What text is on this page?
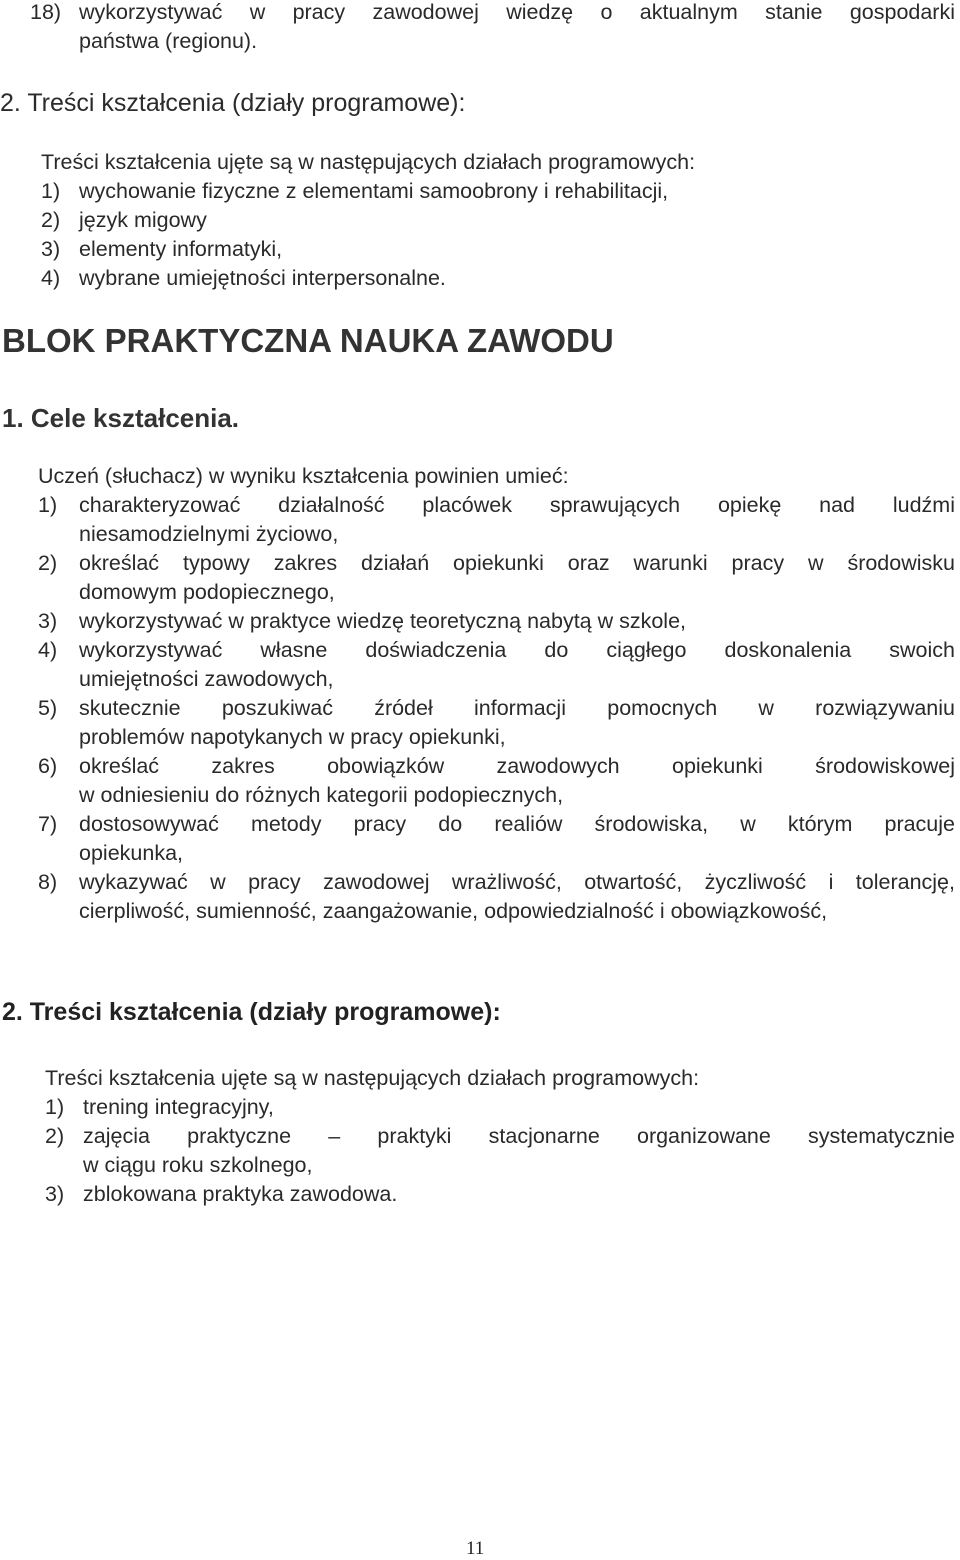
18) wykorzystywać w pracy zawodowej wiedzę o aktualnym stanie gospodarki
państwa (regionu).
2. Treści kształcenia (działy programowe):
Treści kształcenia ujęte są w następujących działach programowych:
1) wychowanie fizyczne z elementami samoobrony i rehabilitacji,
2) język migowy
3) elementy informatyki,
4) wybrane umiejętności interpersonalne.
BLOK PRAKTYCZNA NAUKA ZAWODU
1. Cele kształcenia.
Uczeń (słuchacz) w wyniku kształcenia powinien umieć:
1) charakteryzować działalność placówek sprawujących opiekę nad ludźmi
niesamodzielnymi życiowo,
2) określać typowy zakres działań opiekunki oraz warunki pracy w środowisku
domowym podopiecznego,
3) wykorzystywać w praktyce wiedzę teoretyczną nabytą w szkole,
4) wykorzystywać własne doświadczenia do ciągłego doskonalenia swoich
umiejętności zawodowych,
5) skutecznie poszukiwać źródeł informacji pomocnych w rozwiązywaniu
problemów napotykanych w pracy opiekunki,
6) określać zakres obowiązków zawodowych opiekunki środowiskowej
w odniesieniu do różnych kategorii podopiecznych,
7) dostosowywać metody pracy do realiów środowiska, w którym pracuje
opiekunka,
8) wykazywać w pracy zawodowej wrażliwość, otwartość, życzliwość i tolerancję,
cierpliwość, sumienność, zaangażowanie, odpowiedzialność i obowiązkowość,
2. Treści kształcenia (działy programowe):
Treści kształcenia ujęte są w następujących działach programowych:
1) trening integracyjny,
2) zajęcia praktyczne – praktyki stacjonarne organizowane systematycznie
w ciągu roku szkolnego,
3) zblokowana praktyka zawodowa.
11
